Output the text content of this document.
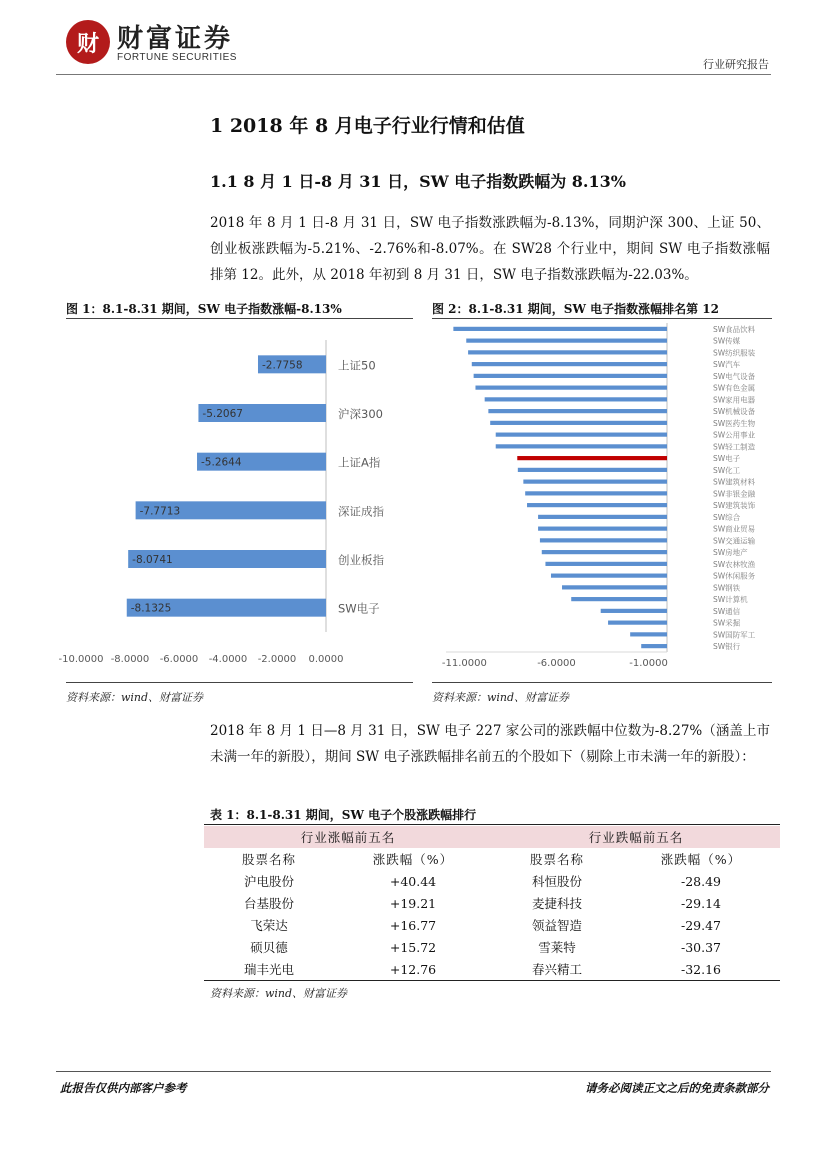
财 财富证券
FORTUNE SECURITIES
行业研究报告
1 2018 年 8 月电子行业行情和估值
1.1 8 月 1 日-8 月 31 日，SW 电子指数跌幅为 8.13%
2018 年 8 月 1 日-8 月 31 日，SW 电子指数涨跌幅为-8.13%，同期沪深 300、上证 50、创业板涨跌幅为-5.21%、-2.76%和-8.07%。在 SW28 个行业中，期间 SW 电子指数涨幅排第 12。此外，从 2018 年初到 8 月 31 日，SW 电子指数涨跌幅为-22.03%。
图 1：8.1-8.31 期间，SW 电子指数涨幅-8.13%
-2.7758	上证50
-5.2067	沪深300
-5.2644	上证A指
-7.7713	深证成指
-8.0741	创业板指
-8.1325	SW电子
-10.0000 -8.0000 -6.0000 -4.0000 -2.0000 0.0000
资料来源：wind、财富证券
图 2：8.1-8.31 期间，SW 电子指数涨幅排名第 12
SW食品饮料
SW传媒
SW纺织服装
SW汽车
SW电气设备
SW有色金属
SW家用电器
SW机械设备
SW医药生物
SW公用事业
SW轻工制造
SW电子
SW化工
SW建筑材料
SW非银金融
SW建筑装饰
SW综合
SW商业贸易
SW交通运输
SW房地产
SW农林牧渔
SW休闲服务
SW钢铁
SW计算机
SW通信
SW采掘
SW国防军工
SW银行
-11.0000	-6.0000	-1.0000
资料来源：wind、财富证券
2018 年 8 月 1 日—8 月 31 日，SW 电子 227 家公司的涨跌幅中位数为-8.27%（涵盖上市未满一年的新股），期间 SW 电子涨跌幅排名前五的个股如下（剔除上市未满一年的新股）：
表 1：8.1-8.31 期间，SW 电子个股涨跌幅排行
行业涨幅前五名		行业跌幅前五名	
股票名称	涨跌幅（%）	股票名称	涨跌幅（%）
沪电股份	+40.44	科恒股份	-28.49
台基股份	+19.21	麦捷科技	-29.14
飞荣达	+16.77	领益智造	-29.47
硕贝德	+15.72	雪莱特	-30.37
瑞丰光电	+12.76	春兴精工	-32.16
资料来源：wind、财富证券
此报告仅供内部客户参考	请务必阅读正文之后的免责条款部分
